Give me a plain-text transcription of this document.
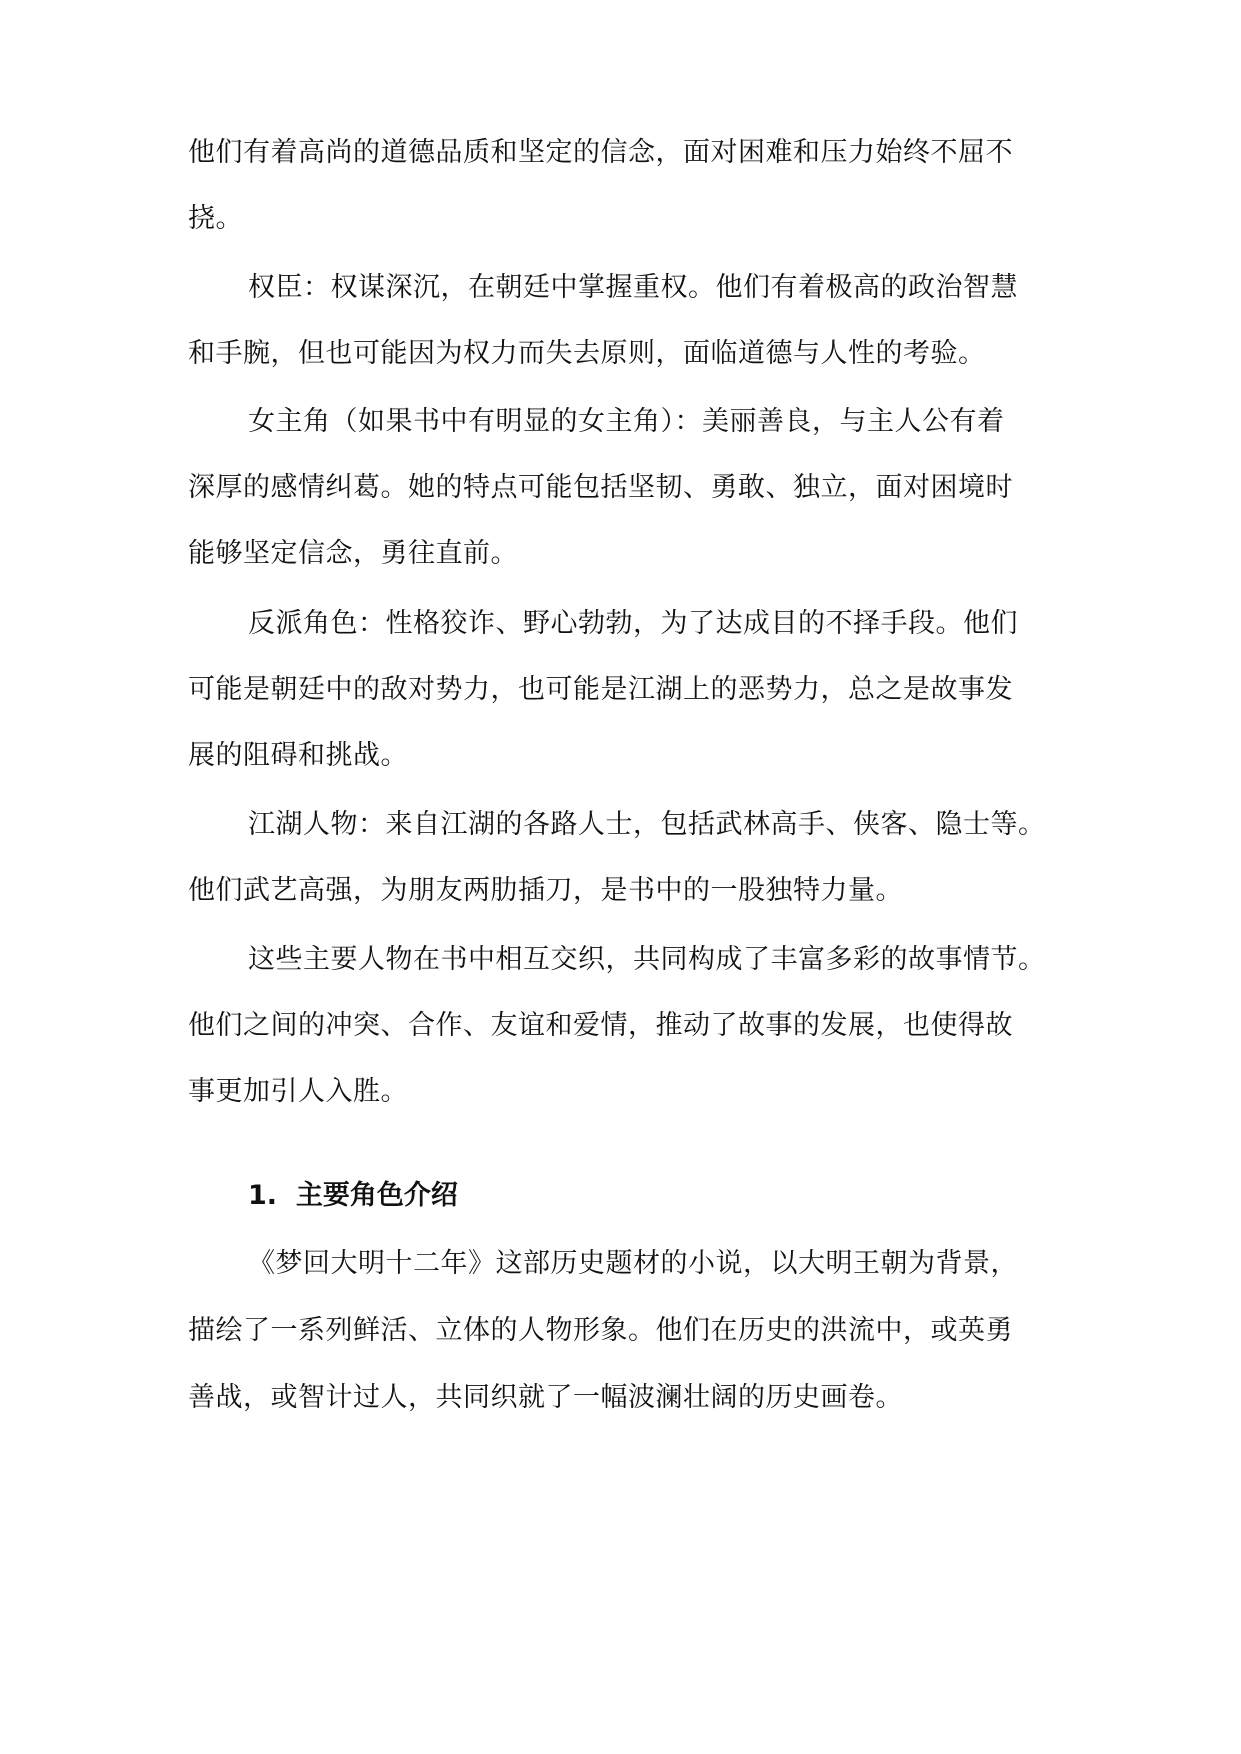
他们有着高尚的道德品质和坚定的信念，面对困难和压力始终不屈不
挠。
权臣：权谋深沉，在朝廷中掌握重权。他们有着极高的政治智慧
和手腕，但也可能因为权力而失去原则，面临道德与人性的考验。
女主角（如果书中有明显的女主角）：美丽善良，与主人公有着
深厚的感情纠葛。她的特点可能包括坚韧、勇敢、独立，面对困境时
能够坚定信念，勇往直前。
反派角色：性格狡诈、野心勃勃，为了达成目的不择手段。他们
可能是朝廷中的敌对势力，也可能是江湖上的恶势力，总之是故事发
展的阻碍和挑战。
江湖人物：来自江湖的各路人士，包括武林高手、侠客、隐士等。
他们武艺高强，为朋友两肋插刀，是书中的一股独特力量。
这些主要人物在书中相互交织，共同构成了丰富多彩的故事情节。
他们之间的冲突、合作、友谊和爱情，推动了故事的发展，也使得故
事更加引人入胜。
1. 主要角色介绍
《梦回大明十二年》这部历史题材的小说，以大明王朝为背景，
描绘了一系列鲜活、立体的人物形象。他们在历史的洪流中，或英勇
善战，或智计过人，共同织就了一幅波澜壮阔的历史画卷。
